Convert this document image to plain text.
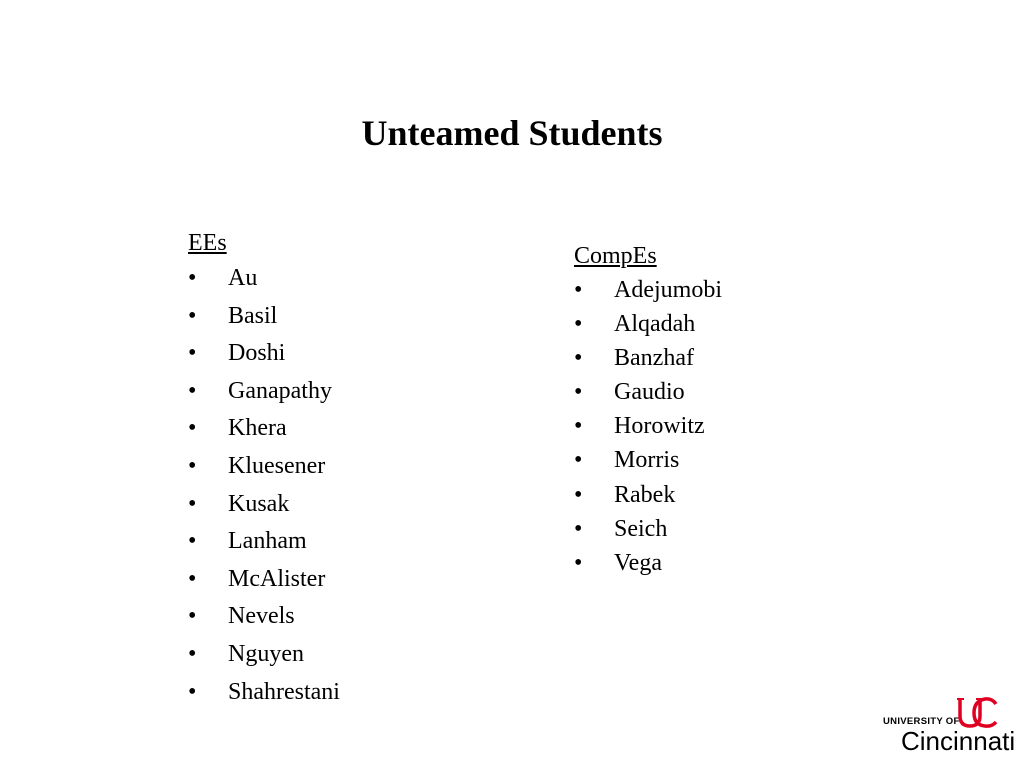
Unteamed Students
EEs
•	Au
•	Basil
•	Doshi
•	Ganapathy
•	Khera
•	Kluesener
•	Kusak
•	Lanham
•	McAlister
•	Nevels
•	Nguyen
•	Shahrestani
CompEs
•	Adejumobi
•	Alqadah
•	Banzhaf
•	Gaudio
•	Horowitz
•	Morris
•	Rabek
•	Seich
•	Vega
UNIVERSITY OF
Cincinnati
